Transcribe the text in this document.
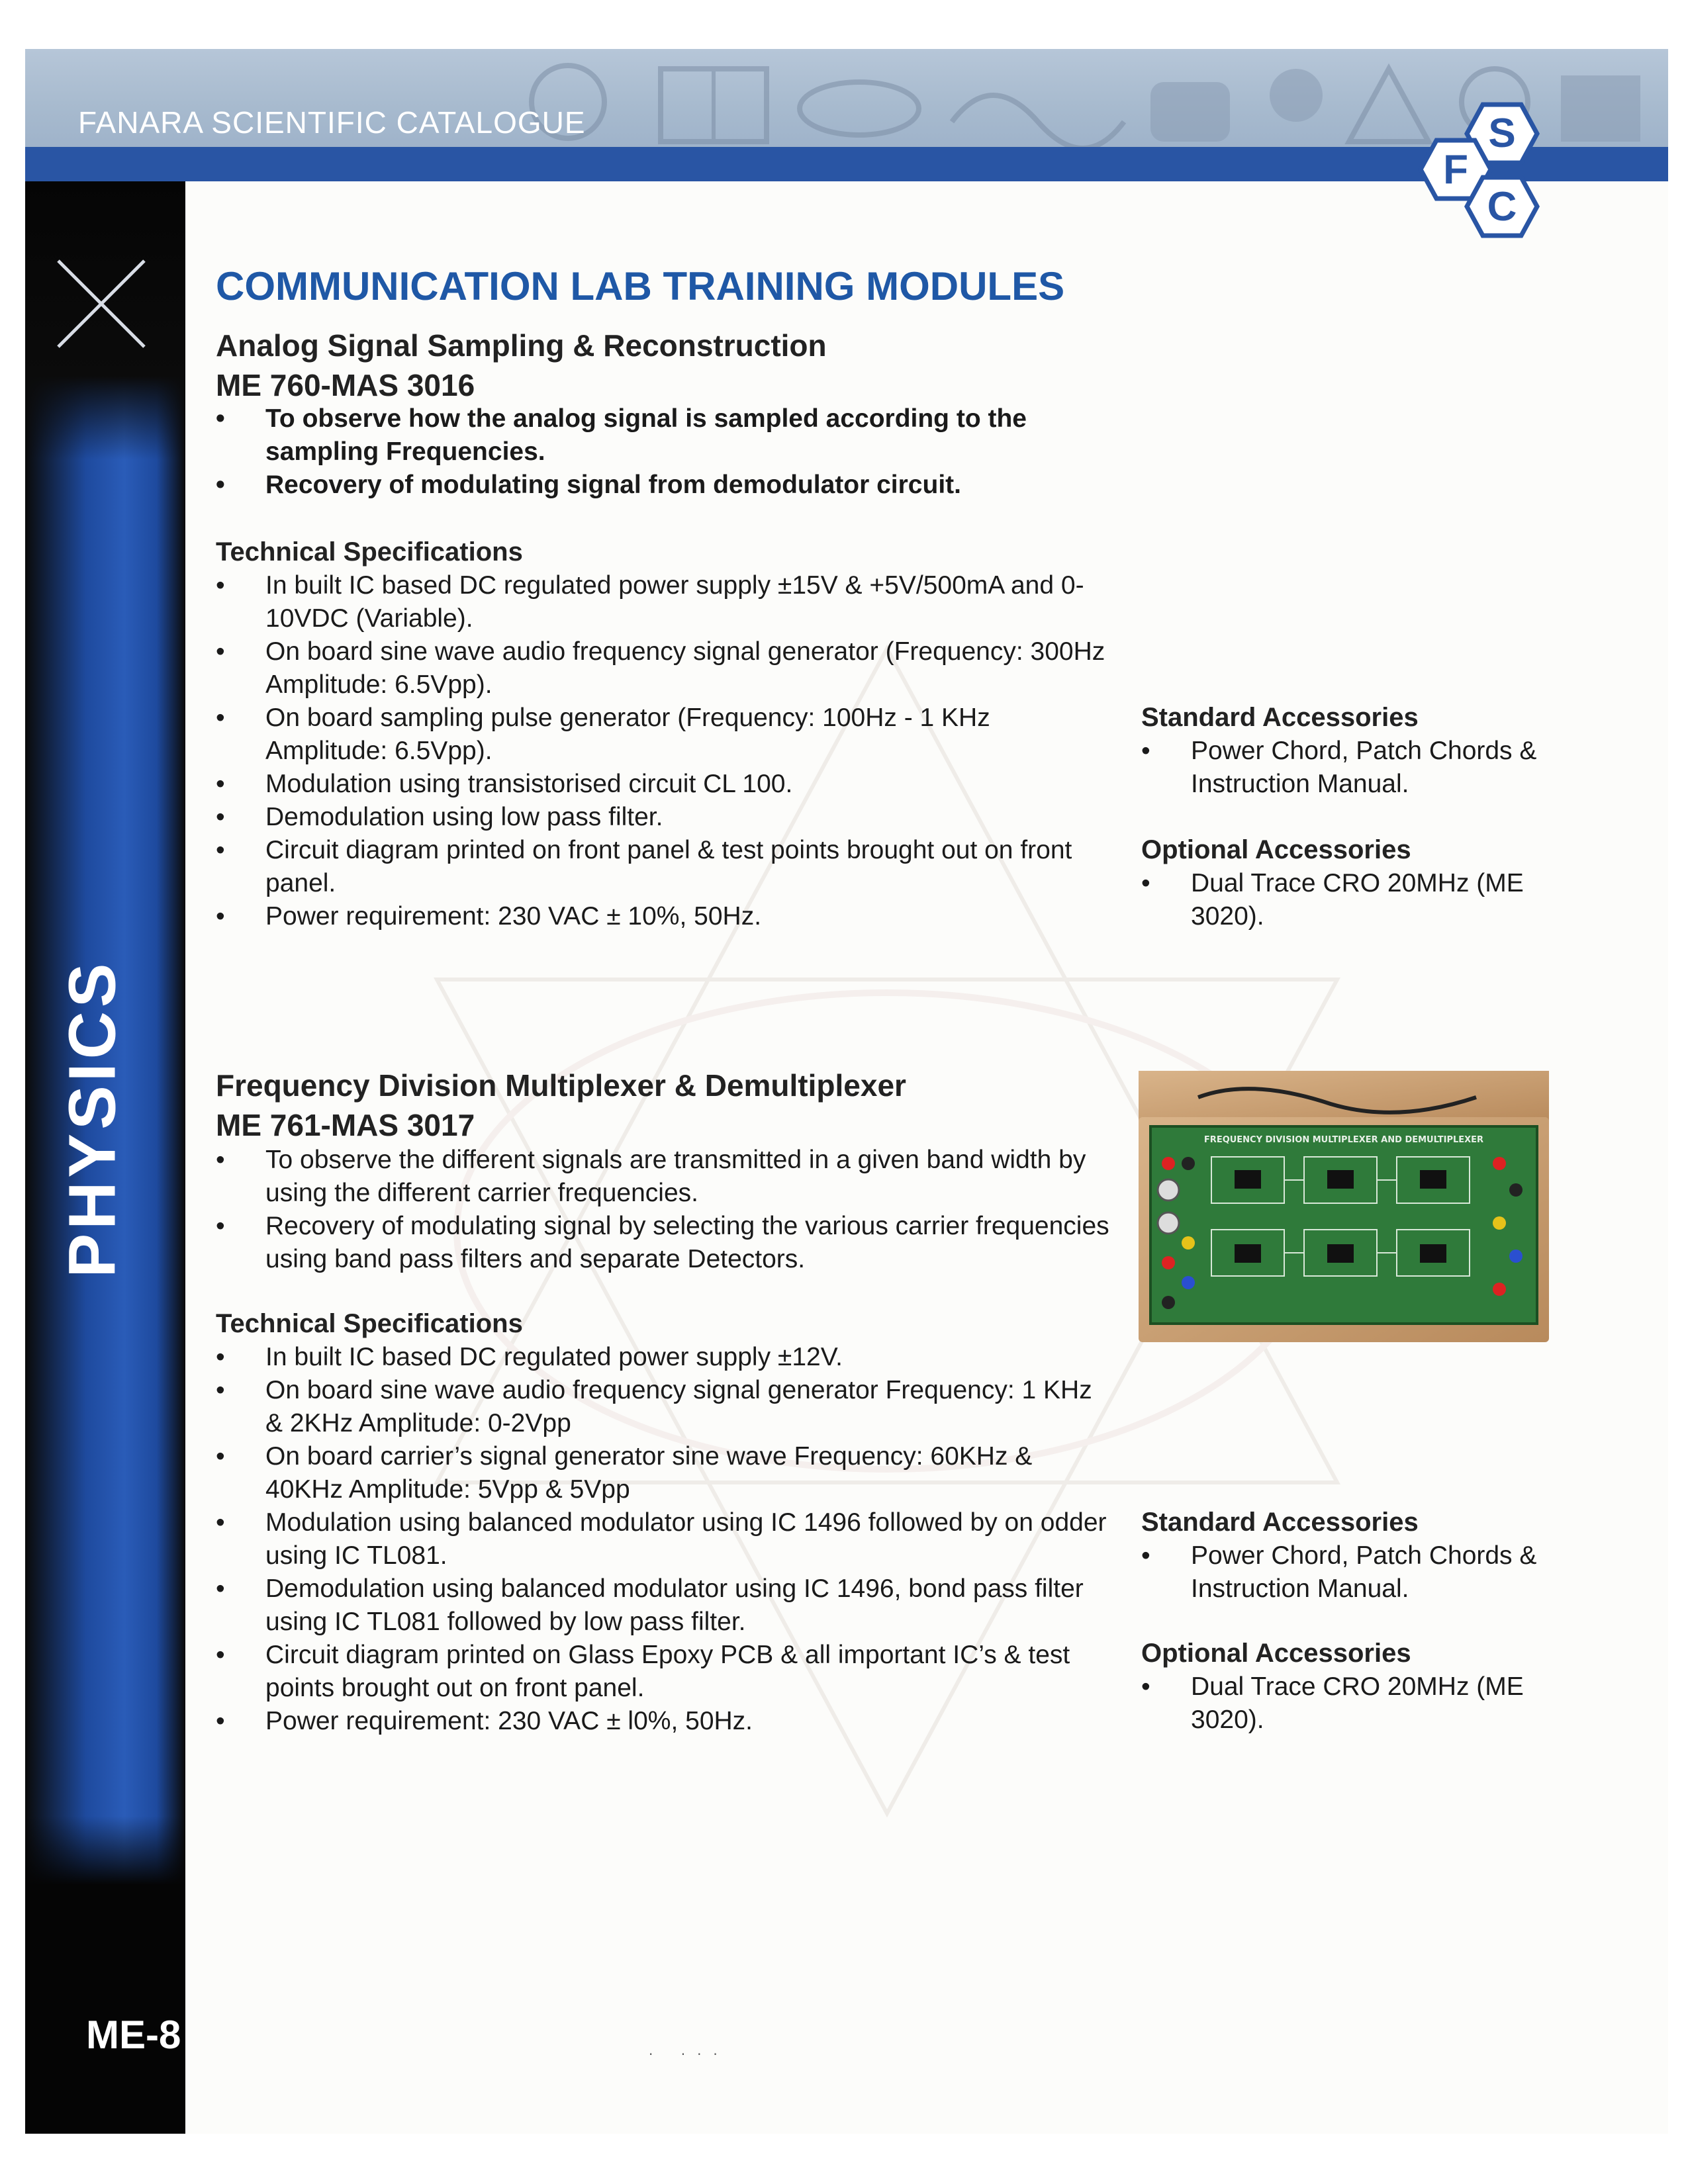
FANARA SCIENTIFIC CATALOGUE	S
F
C
PHYSICS
ME-8
COMMUNICATION LAB TRAINING MODULES
Analog Signal Sampling & Reconstruction
ME 760-MAS 3016
• To observe how the analog signal is sampled according to the sampling Frequencies.
• Recovery of modulating signal from demodulator circuit.
Technical Specifications
• In built IC based DC regulated power supply ±15V & +5V/500mA and 0-10VDC (Variable).
• On board sine wave audio frequency signal generator (Frequency: 300Hz Amplitude: 6.5Vpp).
• On board sampling pulse generator (Frequency: 100Hz - 1 KHz Amplitude: 6.5Vpp).
• Modulation using transistorised circuit CL 100.
• Demodulation using low pass filter.
• Circuit diagram printed on front panel & test points brought out on front panel.
• Power requirement: 230 VAC ± 10%, 50Hz.
Standard Accessories
• Power Chord, Patch Chords & Instruction Manual.
Optional Accessories
• Dual Trace CRO 20MHz (ME 3020).
Frequency Division Multiplexer & Demultiplexer
ME 761-MAS 3017
• To observe the different signals are transmitted in a given band width by using the different carrier frequencies.
• Recovery of modulating signal by selecting the various carrier frequencies using band pass filters and separate Detectors.
Technical Specifications
• In built IC based DC regulated power supply ±12V.
• On board sine wave audio frequency signal generator Frequency: 1 KHz & 2KHz Amplitude: 0-2Vpp
• On board carrier’s signal generator sine wave Frequency: 60KHz & 40KHz Amplitude: 5Vpp & 5Vpp
• Modulation using balanced modulator using IC 1496 followed by on odder using IC TL081.
• Demodulation using balanced modulator using IC 1496, bond pass filter using IC TL081 followed by low pass filter.
• Circuit diagram printed on Glass Epoxy PCB & all important IC’s & test points brought out on front panel.
• Power requirement: 230 VAC ± l0%, 50Hz.
Standard Accessories
• Power Chord, Patch Chords & Instruction Manual.
Optional Accessories
• Dual Trace CRO 20MHz (ME 3020).
FREQUENCY DIVISION MULTIPLEXER AND DEMULTIPLEXER
· ···
